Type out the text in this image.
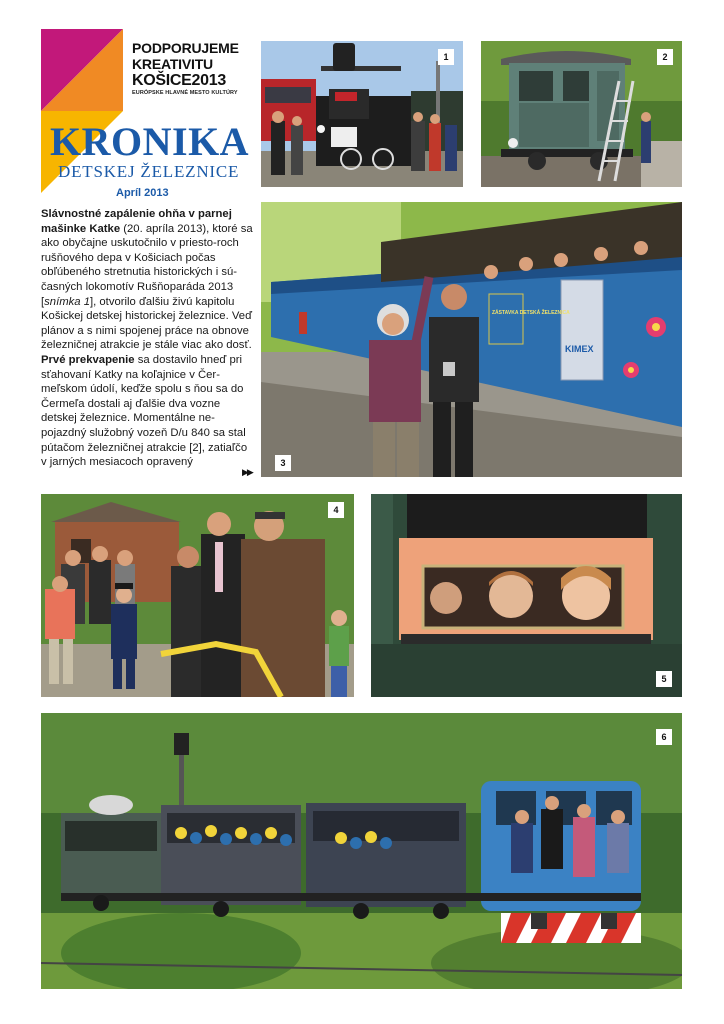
PODPORUJEME
KREATIVITU
KOŠICE2013
EURÓPSKE HLAVNÉ MESTO KULTÚRY
KRONIKA
DETSKEJ ŽELEZNICE
Apríl 2013

Slávnostné zapálenie ohňa v parnej mašinke Katke (20. apríla 2013), ktoré sa ako obyčajne uskutočnilo v priesto-roch rušňového depa v Košiciach počas obľúbeného stretnutia historických i sú-časných lokomotív Rušňoparáda 2013 [snímka 1], otvorilo ďalšiu živú kapitolu Košickej detskej historickej železnice. Veď plánov a s nimi spojenej práce na obnove železničnej atrakcie je stále viac ako dosť.

Prvé prekvapenie sa dostavilo hneď pri sťahovaní Katky na koľajnice v Čer-meľskom údolí, keďže spolu s ňou sa do Čermeľa dostali aj ďalšie dva vozne detskej železnice. Momentálne ne-pojazdný služobný vozeň D/u 840 sa stal pútačom železničnej atrakcie [2], zatiaľčo v jarných mesiacoch opravený

▶▶
1	2
KIMEX
ZÁSTAVKA DETSKÁ ŽELEZNICA
3
4
5
6
